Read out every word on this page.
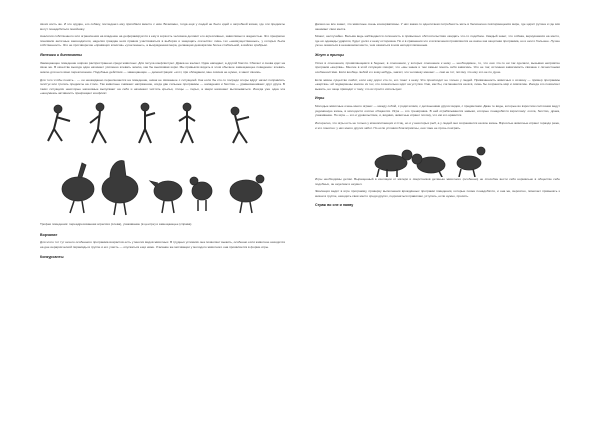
своих кость же. И это орудие, его собаку, последнего ему пригибали вместе с ним. Возможно, тогда ещё у людей не было идей о загробной жизни, где эти предметы могут понадобиться покойнику.

Аналогия собственного или ограничения на владение на дефорамируется к ему в зоркость человека деловит его агрессивных, зависливых и жадностью. Это прекрасно понимали античные законодатели, наделяя граждан неся правом участвоваться в выборах и защищать отечество: лишь тех «неимущественных», у которых была собственность. Это не противоречие «правящих классов» «угнетенных», а вынужденная мера, делающая демократию более стабильной, а войско храбрым.

Ягнешки и дипломаты

Замещающее поведение широко распространено среди животных. Для петуха конфликтуют. Драка не желает. Один нападает, а другой боится. Сбегает и снова идет на свою же. В качестве выхода один начинает усиленно клевать землю, как бы выискивая корм. Мы привыкли видеть в этом обычное замещающее поведение: клевать землю для него явно переключение. Подобные действия — замещающие — демонстрация: «этот, при обладании, мне совсем не нужно, я занят своим».

Для того чтобы понять... — он неожиданно переключается на поведение, никак не связанное с ситуацией. Как если бы кто-то посреди ссоры вдруг начал поправлять галстук или трогать предметы на столе. Так животные снимают напряжение, когда две сильные программы — нападения и бегства — уравновешивают друг друга. В таких ситуациях некоторые насекомые выпускают на себя и начинают чистить крылья, птицы — перья, а звери начинают вылизываться. Иногда уже одна эта «ненужная» активность прекращает конфликт.

Трофеи поведения: переадресованная агрессия (слева), ухаживание (в центре) и замещающее (справа)
Ворчание

Для этого тот тут нечего особенного программа возрастов есть у многих видов животных. В трудных условиях она позволяет выжить, особенно если животное находится на дне иерархической пирамиды в группе и его участь — опускаться ещё ниже. Угасание же мотивации у молодого животного она проявляется в форме игры.

Конкурсанты

Далеко не все знают, что животные очень консервативны. У них какая-то идентичная потребность жить в бесконечно повторяющемся мире, где царит рутина и где всё занимает свои места.

Может, неслучайно. Весьма ведь наблюдается склонность в привычных обстоятельствах ожидать что-то подобное. Каждый знает, что собака, вернувшаяся на место, где её однажды ударили, будет долго к нему осторожна. Но и в сравнении это и исключения проявляются не иначе как защитная программа, но и нечто большее. Лучше уж не оказаться в незнакомом месте, чем оказаться в нём неподготовленным.

Жнут и принцы

Успех в отношении, проявляющемся в бедных, в отношении, у которых отношение к нему — необходимое, то, что они что-то ни так сделали, вызывая неприятие программ «жертва». Многие в этой ситуации говорят, что «мы знаем и тем самым понять себя зависим». Это не так; истинная зависимость связана с личностными особенностями. Если вообще любой и к кому-нибудь, значит, это человеку мешает — сам не тот, потому что ему это не по душе.

Если живое существо любит, если ему дорог кто-то, его тянет к нему. Это происходит не только у людей. Привязанность животных к хозяину — пример программы «жертва»: ей подвержены многие из тех, кто сознательно идёт на уступки. Они, как бы, соглашаются на всё, лишь бы сохранить мир и симпатию. Иногда это позволяет выжить, но чаще приводит к тому, что их просто используют.

Игры

Молодые животные очень много играют — между собой, с родителями, с детёнышами других видов, с предметами. Даже те виды, которые во взрослом состоянии ведут уединённую жизнь, в молодости охотно общаются. Игра — это тренировка. В ней отрабатываются навыки, которые понадобятся взрослому: охота, бегство, драка, ухаживание. Но игра — это и удовольствие, и, видимо, животные играют потому, что им это нравится.

Интересно, что игры есть не только у млекопитающих и птиц, но и у некоторых рыб, а у людей они сохраняются на всю жизнь. Взрослые животные играют гораздо реже, и это понятно: у них много других забот. Но если условия благоприятны, они тоже не прочь поиграть.

Игры необходимы детям. Выращенный в изоляции от матери и сверстников детёныш животного (особенно) не способен вести себя нормально в обществе себе подобных, он неуклюж и неумел.

Эволюция ведёт в игре программу, проверку выполнения врождённых программ поведения, которые позже понадобятся, и она же, вероятно, помогает привыкать к жизни в группе, находить своё место среди других, подчиняться правилам, уступать, если нужно, просить.

Страж во сне и наяву
